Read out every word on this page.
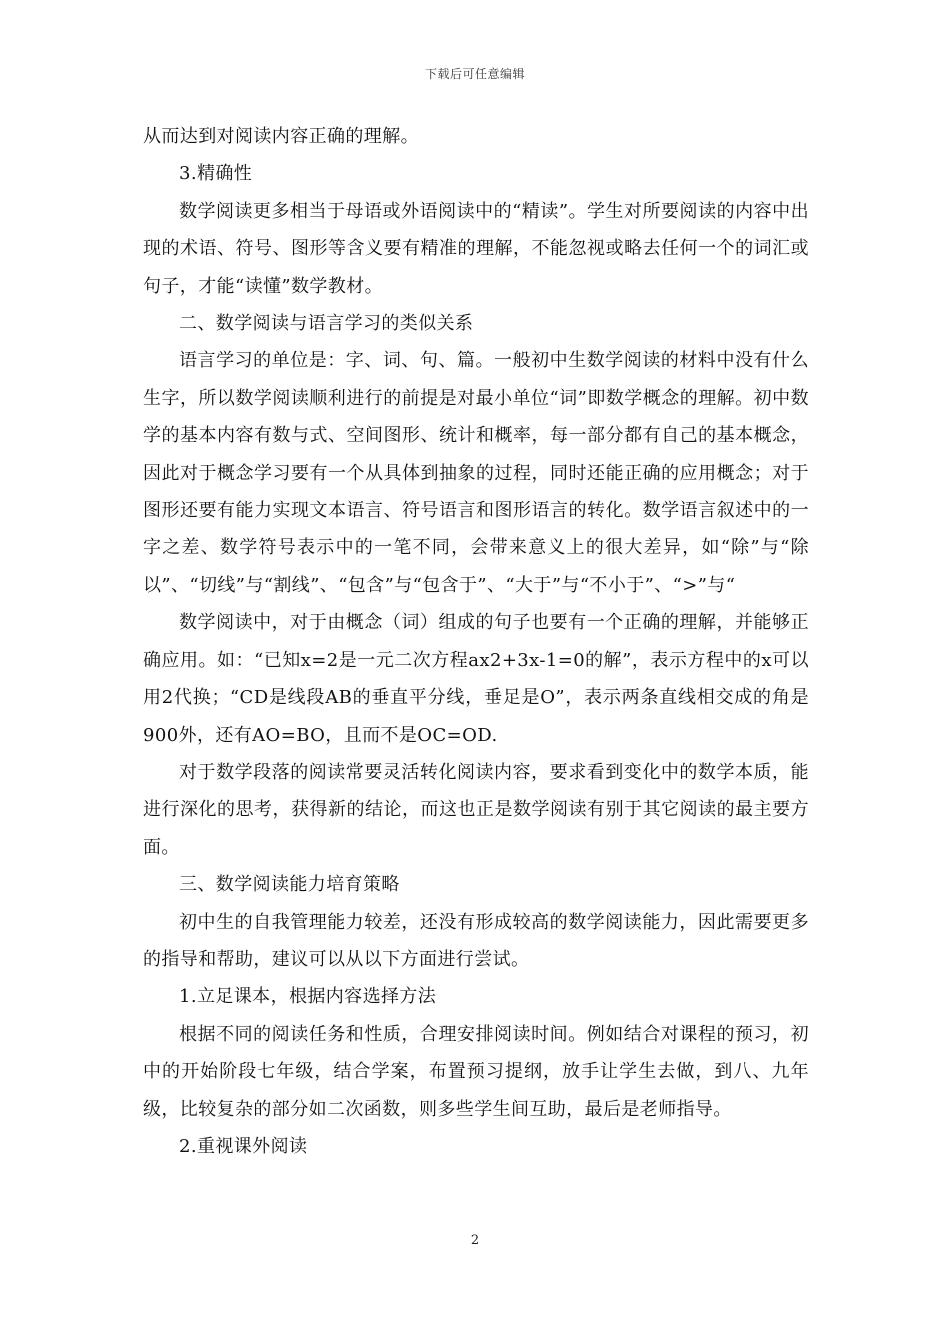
下载后可任意编辑

从而达到对阅读内容正确的理解。

3.精确性

数学阅读更多相当于母语或外语阅读中的“精读”。学生对所要阅读的内容中出现的术语、符号、图形等含义要有精准的理解，不能忽视或略去任何一个的词汇或句子，才能“读懂”数学教材。

二、数学阅读与语言学习的类似关系

语言学习的单位是：字、词、句、篇。一般初中生数学阅读的材料中没有什么生字，所以数学阅读顺利进行的前提是对最小单位“词”即数学概念的理解。初中数学的基本内容有数与式、空间图形、统计和概率，每一部分都有自己的基本概念，因此对于概念学习要有一个从具体到抽象的过程，同时还能正确的应用概念；对于图形还要有能力实现文本语言、符号语言和图形语言的转化。数学语言叙述中的一字之差、数学符号表示中的一笔不同，会带来意义上的很大差异，如“除”与“除以”、“切线”与“割线”、“包含”与“包含于”、“大于”与“不小于”、“>”与“

数学阅读中，对于由概念（词）组成的句子也要有一个正确的理解，并能够正确应用。如：“已知x=2是一元二次方程ax2+3x-1=0的解”，表示方程中的x可以用2代换；“CD是线段AB的垂直平分线，垂足是O”，表示两条直线相交成的角是900外，还有AO=BO，且而不是OC=OD.

对于数学段落的阅读常要灵活转化阅读内容，要求看到变化中的数学本质，能进行深化的思考，获得新的结论，而这也正是数学阅读有别于其它阅读的最主要方面。

三、数学阅读能力培育策略

初中生的自我管理能力较差，还没有形成较高的数学阅读能力，因此需要更多的指导和帮助，建议可以从以下方面进行尝试。

1.立足课本，根据内容选择方法

根据不同的阅读任务和性质，合理安排阅读时间。例如结合对课程的预习，初中的开始阶段七年级，结合学案，布置预习提纲，放手让学生去做，到八、九年级，比较复杂的部分如二次函数，则多些学生间互助，最后是老师指导。

2.重视课外阅读

2
